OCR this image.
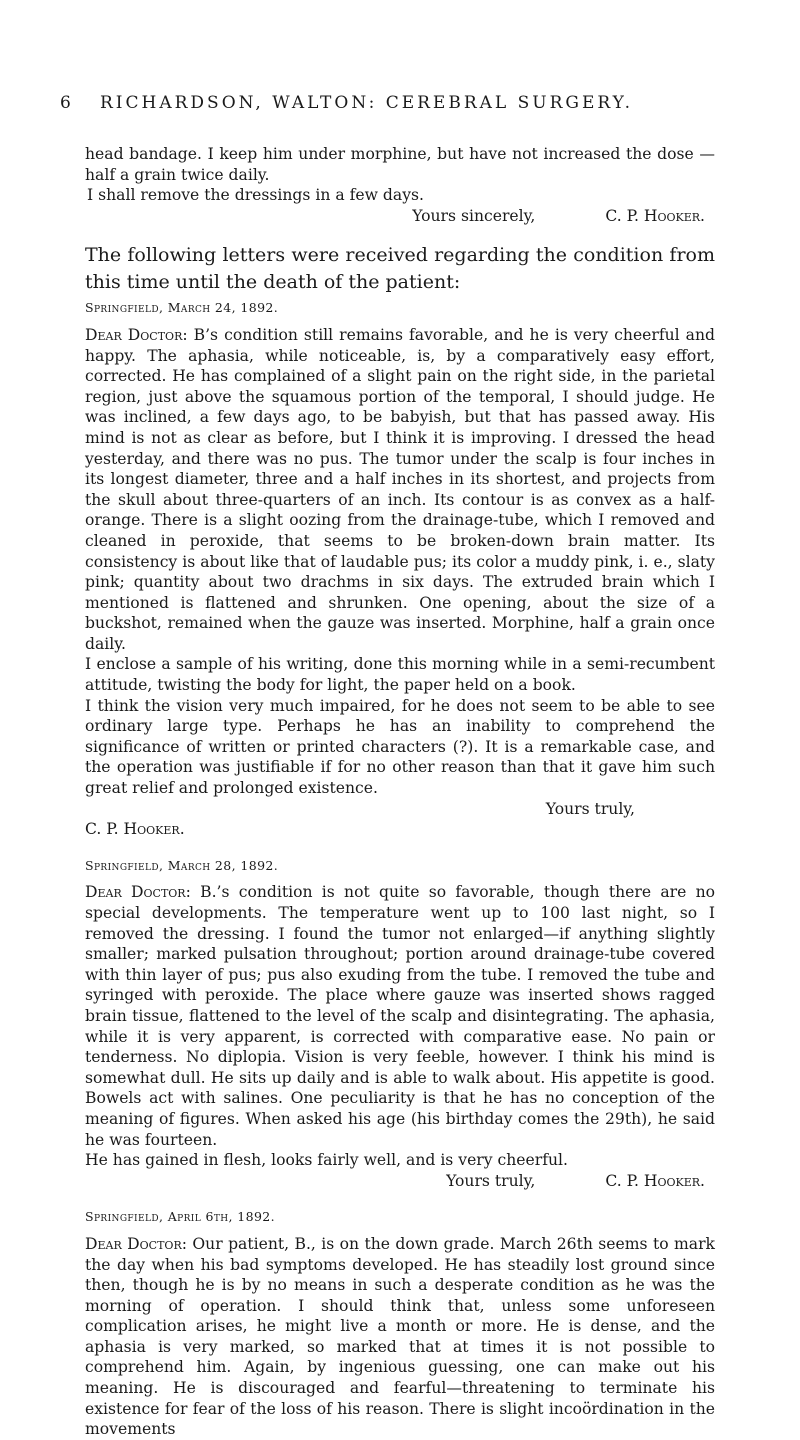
6 RICHARDSON, WALTON: CEREBRAL SURGERY.

head bandage. I keep him under morphine, but have not increased the dose —half a grain twice daily.

I shall remove the dressings in a few days.

Yours sincerely,	C. P. Hooker.

The following letters were received regarding the condition from this time until the death of the patient:

Springfield, March 24, 1892.

Dear Doctor: B’s condition still remains favorable, and he is very cheerful and happy. The aphasia, while noticeable, is, by a comparatively easy effort, corrected. He has complained of a slight pain on the right side, in the parietal region, just above the squamous portion of the temporal, I should judge. He was inclined, a few days ago, to be babyish, but that has passed away. His mind is not as clear as before, but I think it is improving. I dressed the head yesterday, and there was no pus. The tumor under the scalp is four inches in its longest diameter, three and a half inches in its shortest, and projects from the skull about three-quarters of an inch. Its contour is as convex as a half-orange. There is a slight oozing from the drainage-tube, which I removed and cleaned in peroxide, that seems to be broken-down brain matter. Its consistency is about like that of laudable pus; its color a muddy pink, i. e., slaty pink; quantity about two drachms in six days. The extruded brain which I mentioned is flattened and shrunken. One opening, about the size of a buckshot, remained when the gauze was inserted. Morphine, half a grain once daily.

I enclose a sample of his writing, done this morning while in a semi-recumbent attitude, twisting the body for light, the paper held on a book.

I think the vision very much impaired, for he does not seem to be able to see ordinary large type. Perhaps he has an inability to comprehend the significance of written or printed characters (?). It is a remarkable case, and the operation was justifiable if for no other reason than that it gave him such great relief and prolonged existence.

Yours truly,

C. P. Hooker.

Springfield, March 28, 1892.

Dear Doctor: B.’s condition is not quite so favorable, though there are no special developments. The temperature went up to 100 last night, so I removed the dressing. I found the tumor not enlarged—if anything slightly smaller; marked pulsation throughout; portion around drainage-tube covered with thin layer of pus; pus also exuding from the tube. I removed the tube and syringed with peroxide. The place where gauze was inserted shows ragged brain tissue, flattened to the level of the scalp and disintegrating. The aphasia, while it is very apparent, is corrected with comparative ease. No pain or tenderness. No diplopia. Vision is very feeble, however. I think his mind is somewhat dull. He sits up daily and is able to walk about. His appetite is good. Bowels act with salines. One peculiarity is that he has no conception of the meaning of figures. When asked his age (his birthday comes the 29th), he said he was fourteen.

He has gained in flesh, looks fairly well, and is very cheerful.

Yours truly,	C. P. Hooker.

Springfield, April 6th, 1892.

Dear Doctor: Our patient, B., is on the down grade. March 26th seems to mark the day when his bad symptoms developed. He has steadily lost ground since then, though he is by no means in such a desperate condition as he was the morning of operation. I should think that, unless some unforeseen complication arises, he might live a month or more. He is dense, and the aphasia is very marked, so marked that at times it is not possible to comprehend him. Again, by ingenious guessing, one can make out his meaning. He is discouraged and fearful—threatening to terminate his existence for fear of the loss of his reason. There is slight incoördination in the movements
